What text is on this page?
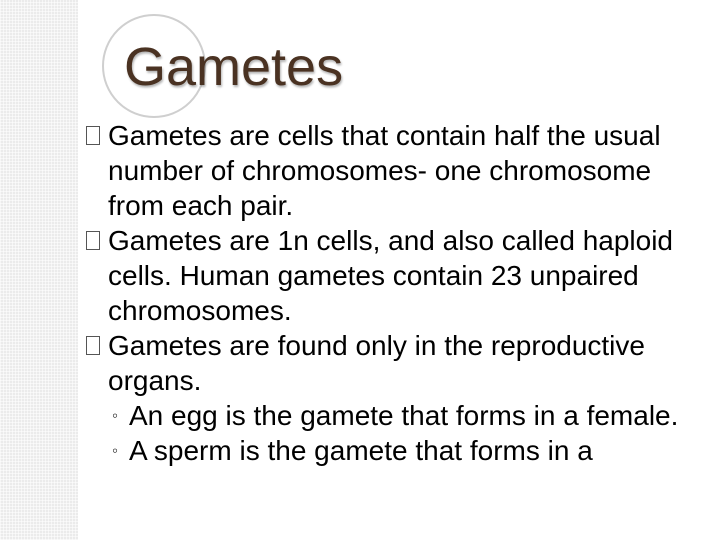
Gametes
Gametes are cells that contain half the usual number of chromosomes- one chromosome from each pair.
Gametes are 1n cells, and also called haploid cells. Human gametes contain 23 unpaired chromosomes.
Gametes are found only in the reproductive organs.
◦ An egg is the gamete that forms in a female.
◦ A sperm is the gamete that forms in a
